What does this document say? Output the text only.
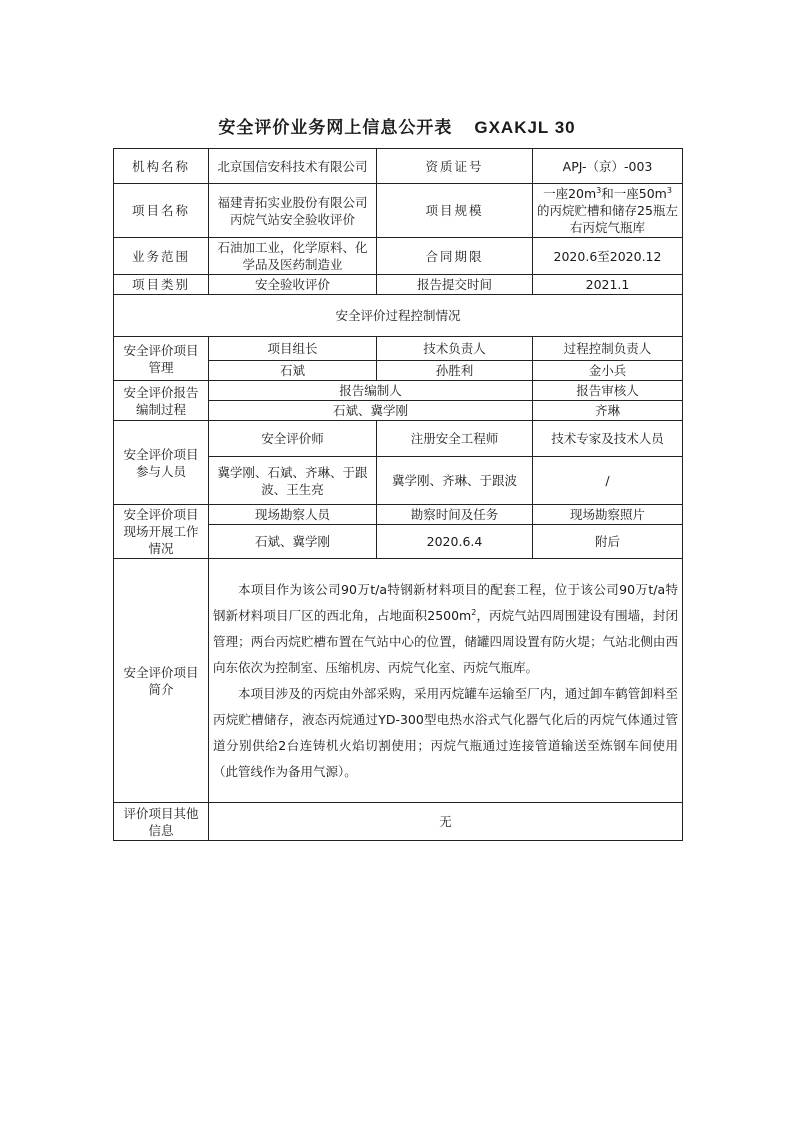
安全评价业务网上信息公开表 GXAKJL 30
机构名称	北京国信安科技术有限公司	资质证号	APJ-（京）-003
项目名称	福建青拓实业股份有限公司丙烷气站安全验收评价	项目规模	一座$20m^3$和一座$50m^3$的丙烷贮槽和储存25瓶左右丙烷气瓶库
业务范围	石油加工业，化学原料、化学品及医药制造业	合同期限	2020.6至2020.12
项目类别	安全验收评价	报告提交时间	2021.1
安全评价过程控制情况			
安全评价项目管理	项目组长	技术负责人	过程控制负责人
	石斌	孙胜利	金小兵
安全评价报告编制过程	报告编制人		报告审核人
	石斌、冀学刚		齐琳
安全评价项目参与人员	安全评价师	注册安全工程师	技术专家及技术人员
	冀学刚、石斌、齐琳、于跟波、王生亮	冀学刚、齐琳、于跟波	/
安全评价项目现场开展工作情况	现场勘察人员	勘察时间及任务	现场勘察照片
	石斌、冀学刚	2020.6.4	附后
安全评价项目简介	本项目作为该公司90万t/a特钢新材料项目的配套工程，位于该公司90万t/a特钢新材料项目厂区的西北角，占地面积$2500m^2$，丙烷气站四周围建设有围墙，封闭管理；两台丙烷贮槽布置在气站中心的位置，储罐四周设置有防火堤；气站北侧由西向东依次为控制室、压缩机房、丙烷气化室、丙烷气瓶库。

本项目涉及的丙烷由外部采购，采用丙烷罐车运输至厂内，通过卸车鹤管卸料至丙烷贮槽储存，液态丙烷通过YD-300型电热水浴式气化器气化后的丙烷气体通过管道分别供给2台连铸机火焰切割使用；丙烷气瓶通过连接管道输送至炼钢车间使用（此管线作为备用气源）。		

评价项目其他信息	无		
